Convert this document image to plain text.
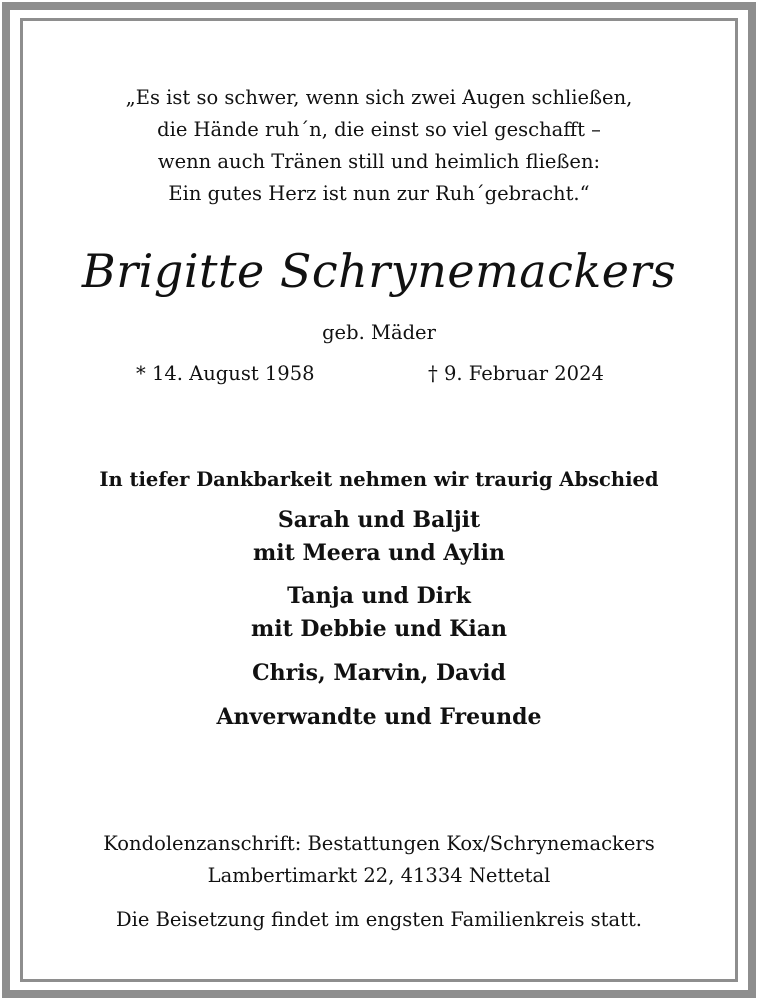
„Es ist so schwer, wenn sich zwei Augen schließen,
die Hände ruh´n, die einst so viel geschafft –
wenn auch Tränen still und heimlich fließen:
Ein gutes Herz ist nun zur Ruh´gebracht.“
Brigitte Schrynemackers
geb. Mäder
* 14. August 1958	† 9. Februar 2024
In tiefer Dankbarkeit nehmen wir traurig Abschied
Sarah und Baljit
mit Meera und Aylin
Tanja und Dirk
mit Debbie und Kian
Chris, Marvin, David
Anverwandte und Freunde
Kondolenzanschrift: Bestattungen Kox/Schrynemackers
Lambertimarkt 22, 41334 Nettetal
Die Beisetzung findet im engsten Familienkreis statt.
